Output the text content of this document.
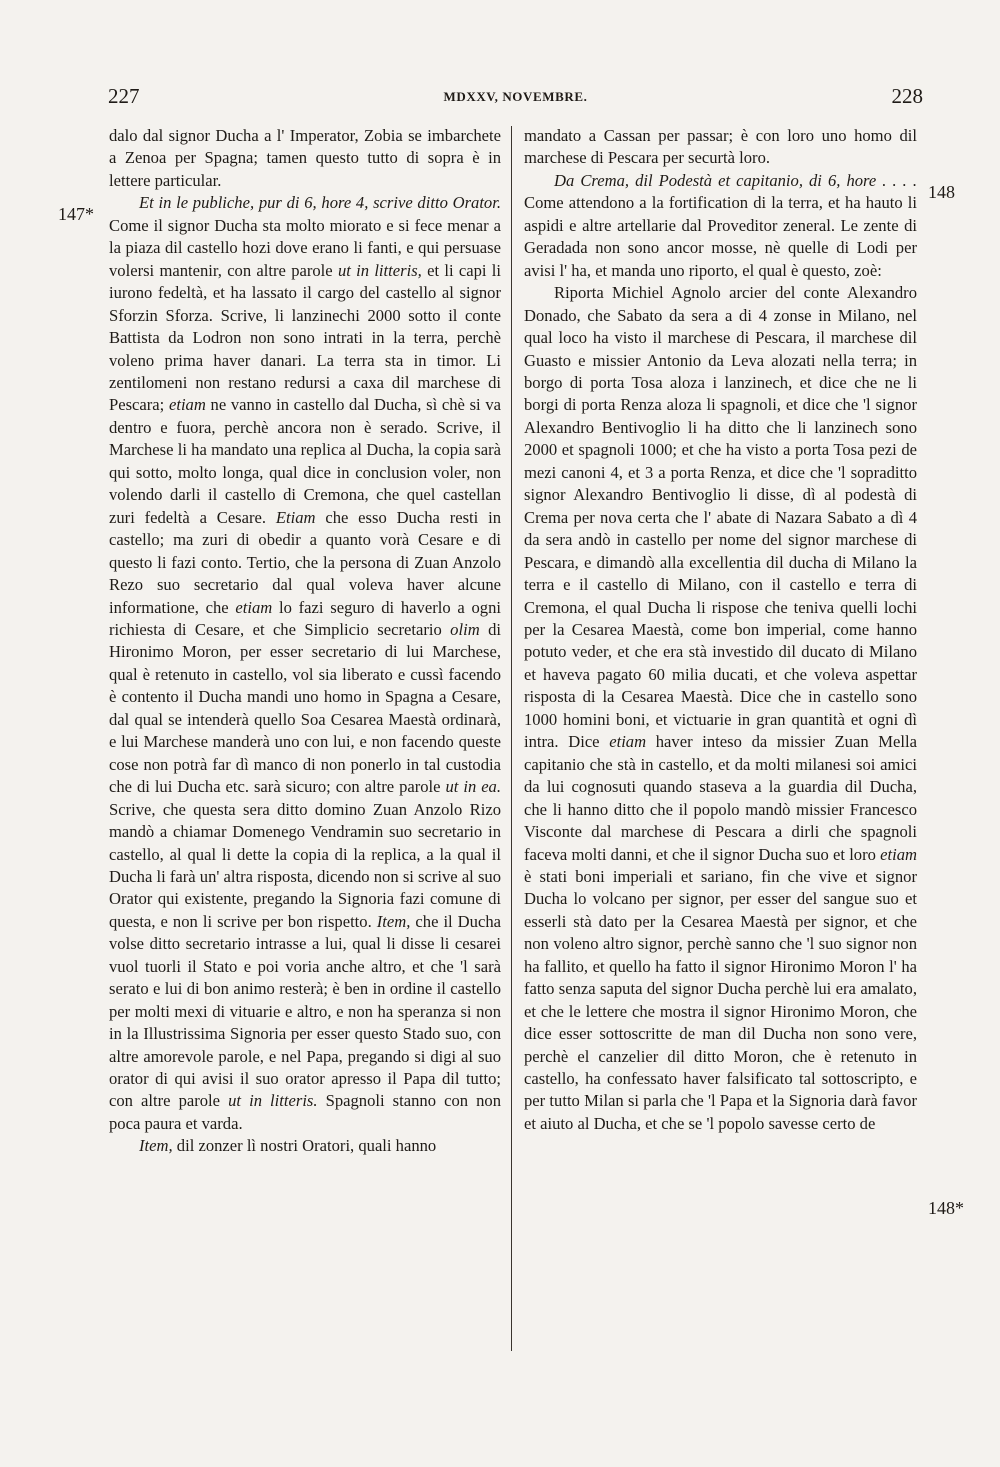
227	MDXXV, NOVEMBRE.	228
147*
148
148*

dalo dal signor Ducha a l' Imperator, Zobia se imbarchete a Zenoa per Spagna; tamen questo tutto di sopra è in lettere particular.

Et in le publiche, pur di 6, hore 4, scrive ditto Orator. Come il signor Ducha sta molto miorato e si fece menar a la piaza dil castello hozi dove erano li fanti, e qui persuase volersi mantenir, con altre parole ut in litteris, et li capi li iurono fedeltà, et ha lassato il cargo del castello al signor Sforzin Sforza. Scrive, li lanzinechi 2000 sotto il conte Battista da Lodron non sono intrati in la terra, perchè voleno prima haver danari. La terra sta in timor. Li zentilomeni non restano redursi a caxa dil marchese di Pescara; etiam ne vanno in castello dal Ducha, sì chè si va dentro e fuora, perchè ancora non è serado. Scrive, il Marchese li ha mandato una replica al Ducha, la copia sarà qui sotto, molto longa, qual dice in conclusion voler, non volendo darli il castello di Cremona, che quel castellan zuri fedeltà a Cesare. Etiam che esso Ducha resti in castello; ma zuri di obedir a quanto vorà Cesare e di questo li fazi conto. Tertio, che la persona di Zuan Anzolo Rezo suo secretario dal qual voleva haver alcune informatione, che etiam lo fazi seguro di haverlo a ogni richiesta di Cesare, et che Simplicio secretario olim di Hironimo Moron, per esser secretario di lui Marchese, qual è retenuto in castello, vol sia liberato e cussì facendo è contento il Ducha mandi uno homo in Spagna a Cesare, dal qual se intenderà quello Soa Cesarea Maestà ordinarà, e lui Marchese manderà uno con lui, e non facendo queste cose non potrà far dì manco di non ponerlo in tal custodia che di lui Ducha etc. sarà sicuro; con altre parole ut in ea. Scrive, che questa sera ditto domino Zuan Anzolo Rizo mandò a chiamar Domenego Vendramin suo secretario in castello, al qual li dette la copia di la replica, a la qual il Ducha li farà un' altra risposta, dicendo non si scrive al suo Orator qui existente, pregando la Signoria fazi comune di questa, e non li scrive per bon rispetto. Item, che il Ducha volse ditto secretario intrasse a lui, qual li disse li cesarei vuol tuorli il Stato e poi voria anche altro, et che 'l sarà serato e lui di bon animo resterà; è ben in ordine il castello per molti mexi di vituarie e altro, e non ha speranza si non in la Illustrissima Signoria per esser questo Stado suo, con altre amorevole parole, e nel Papa, pregando si digi al suo orator di qui avisi il suo orator apresso il Papa dil tutto; con altre parole ut in litteris. Spagnoli stanno con non poca paura et varda.

Item, dil zonzer lì nostri Oratori, quali hanno

mandato a Cassan per passar; è con loro uno homo dil marchese di Pescara per securtà loro.

Da Crema, dil Podestà et capitanio, di 6, hore . . . . Come attendono a la fortification di la terra, et ha hauto li aspidi e altre artellarie dal Proveditor zeneral. Le zente di Geradada non sono ancor mosse, nè quelle di Lodi per avisi l' ha, et manda uno riporto, el qual è questo, zoè:

Riporta Michiel Agnolo arcier del conte Alexandro Donado, che Sabato da sera a di 4 zonse in Milano, nel qual loco ha visto il marchese di Pescara, il marchese dil Guasto e missier Antonio da Leva alozati nella terra; in borgo di porta Tosa aloza i lanzinech, et dice che ne li borgi di porta Renza aloza li spagnoli, et dice che 'l signor Alexandro Bentivoglio li ha ditto che li lanzinech sono 2000 et spagnoli 1000; et che ha visto a porta Tosa pezi de mezi canoni 4, et 3 a porta Renza, et dice che 'l sopraditto signor Alexandro Bentivoglio li disse, dì al podestà di Crema per nova certa che l' abate di Nazara Sabato a dì 4 da sera andò in castello per nome del signor marchese di Pescara, e dimandò alla excellentia dil ducha di Milano la terra e il castello di Milano, con il castello e terra di Cremona, el qual Ducha li rispose che teniva quelli lochi per la Cesarea Maestà, come bon imperial, come hanno potuto veder, et che era stà investido dil ducato di Milano et haveva pagato 60 milia ducati, et che voleva aspettar risposta di la Cesarea Maestà. Dice che in castello sono 1000 homini boni, et victuarie in gran quantità et ogni dì intra. Dice etiam haver inteso da missier Zuan Mella capitanio che stà in castello, et da molti milanesi soi amici da lui cognosuti quando staseva a la guardia dil Ducha, che li hanno ditto che il popolo mandò missier Francesco Visconte dal marchese di Pescara a dirli che spagnoli faceva molti danni, et che il signor Ducha suo et loro etiam è stati boni imperiali et sariano, fin che vive et signor Ducha lo volcano per signor, per esser del sangue suo et esserli stà dato per la Cesarea Maestà per signor, et che non voleno altro signor, perchè sanno che 'l suo signor non ha fallito, et quello ha fatto il signor Hironimo Moron l' ha fatto senza saputa del signor Ducha perchè lui era amalato, et che le lettere che mostra il signor Hironimo Moron, che dice esser sottoscritte de man dil Ducha non sono vere, perchè el canzelier dil ditto Moron, che è retenuto in castello, ha confessato haver falsificato tal sottoscripto, e per tutto Milan si parla che 'l Papa et la Signoria darà favor et aiuto al Ducha, et che se 'l popolo savesse certo de
